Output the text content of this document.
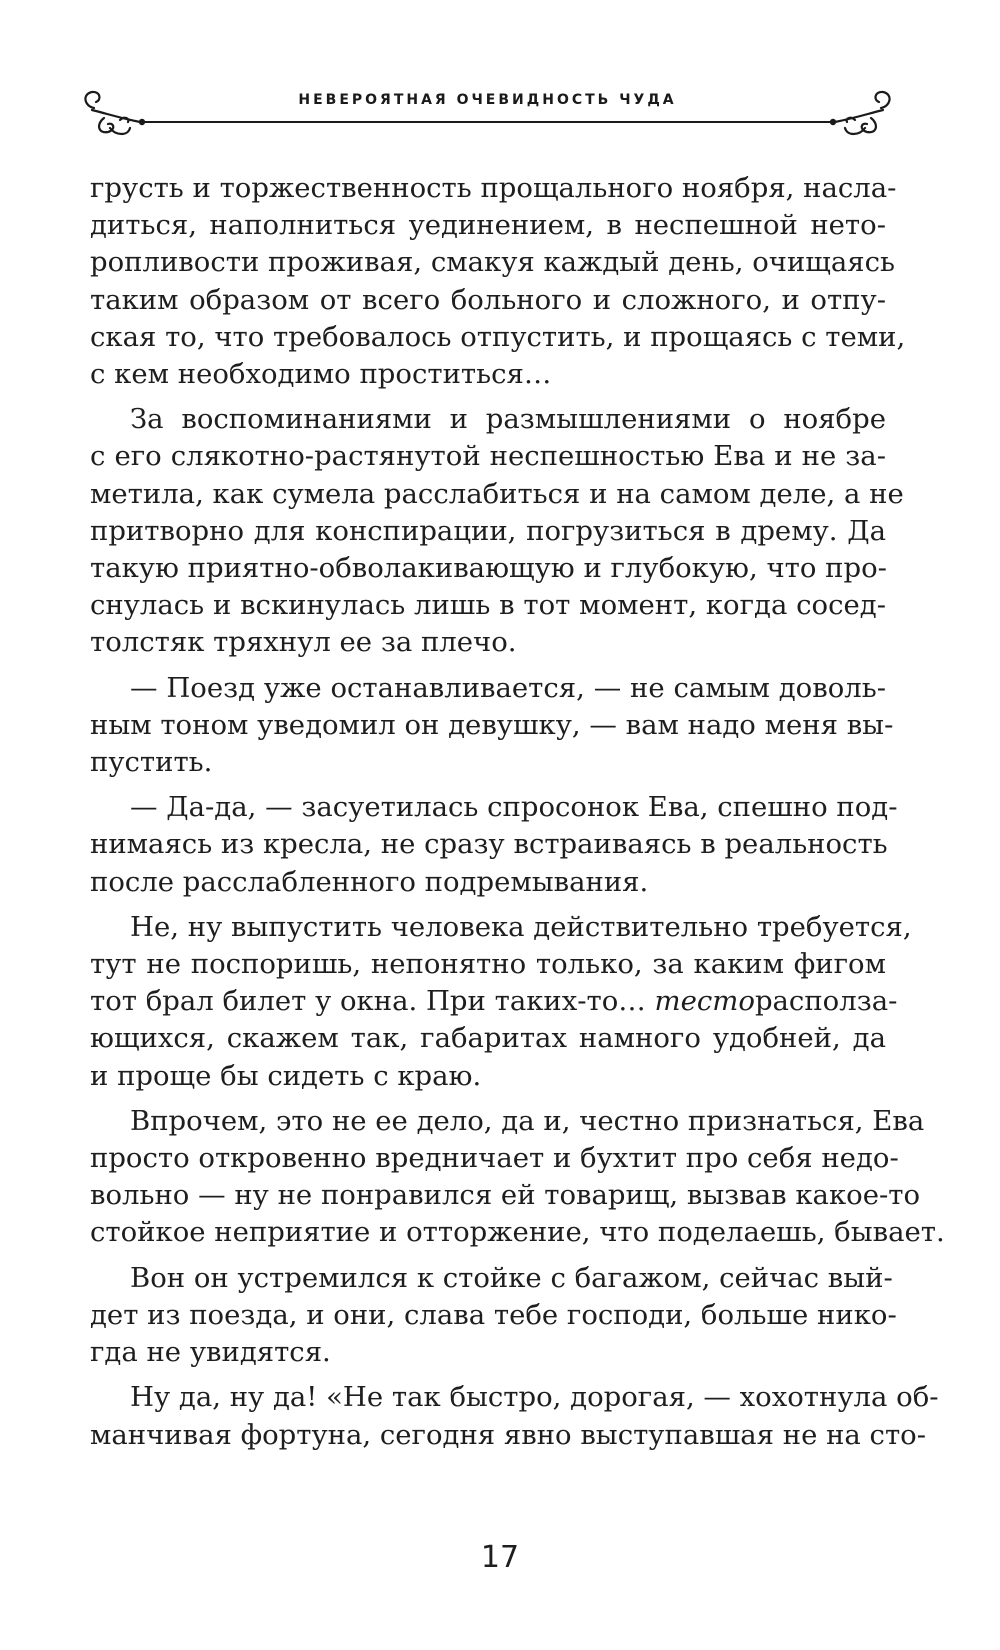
НЕВЕРОЯТНАЯ ОЧЕВИДНОСТЬ ЧУДА

грусть и торжественность прощального ноября, насла-
диться, наполниться уединением, в неспешной нето-
ропливости проживая, смакуя каждый день, очищаясь
таким образом от всего больного и сложного, и отпу-
ская то, что требовалось отпустить, и прощаясь с теми,
с кем необходимо проститься…

За воспоминаниями и размышлениями о ноябре
с его слякотно-растянутой неспешностью Ева и не за-
метила, как сумела расслабиться и на самом деле, а не
притворно для конспирации, погрузиться в дрему. Да
такую приятно-обволакивающую и глубокую, что про-
снулась и вскинулась лишь в тот момент, когда сосед-
толстяк тряхнул ее за плечо.

— Поезд уже останавливается, — не самым доволь-
ным тоном уведомил он девушку, — вам надо меня вы-
пустить.

— Да-да, — засуетилась спросонок Ева, спешно под-
нимаясь из кресла, не сразу встраиваясь в реальность
после расслабленного подремывания.

Не, ну выпустить человека действительно требуется,
тут не поспоришь, непонятно только, за каким фигом
тот брал билет у окна. При таких-то… тесторасполза-
ющихся, скажем так, габаритах намного удобней, да
и проще бы сидеть с краю.

Впрочем, это не ее дело, да и, честно признаться, Ева
просто откровенно вредничает и бухтит про себя недо-
вольно — ну не понравился ей товарищ, вызвав какое-то
стойкое неприятие и отторжение, что поделаешь, бывает.

Вон он устремился к стойке с багажом, сейчас вый-
дет из поезда, и они, слава тебе господи, больше нико-
гда не увидятся.

Ну да, ну да! «Не так быстро, дорогая, — хохотнула об-
манчивая фортуна, сегодня явно выступавшая не на сто-

17
